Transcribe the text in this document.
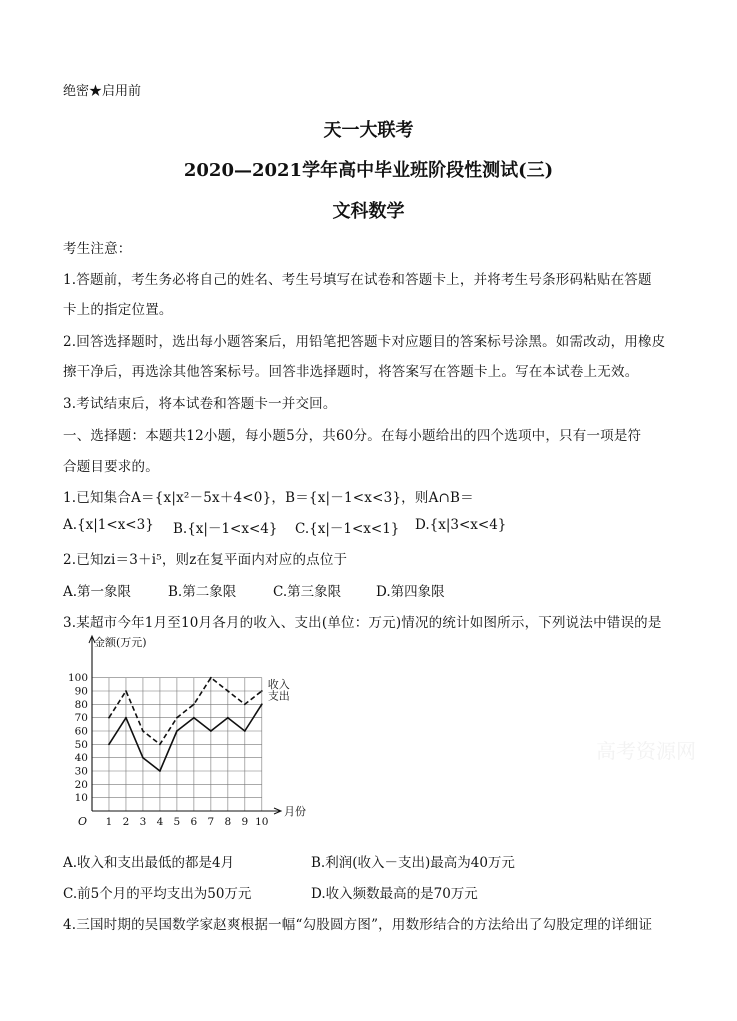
绝密★启用前
天一大联考
2020—2021学年高中毕业班阶段性测试(三)
文科数学
考生注意：
1.答题前，考生务必将自己的姓名、考生号填写在试卷和答题卡上，并将考生号条形码粘贴在答题
卡上的指定位置。
2.回答选择题时，选出每小题答案后，用铅笔把答题卡对应题目的答案标号涂黑。如需改动，用橡皮
擦干净后，再选涂其他答案标号。回答非选择题时，将答案写在答题卡上。写在本试卷上无效。
3.考试结束后，将本试卷和答题卡一并交回。
一、选择题：本题共12小题，每小题5分，共60分。在每小题给出的四个选项中，只有一项是符
合题目要求的。
1.已知集合A＝{x|x²－5x＋4<0}，B＝{x|－1<x<3}，则A∩B＝
A.{x|1<x<3} B.{x|－1<x<4} C.{x|－1<x<1} D.{x|3<x<4}
2.已知zi＝3＋i⁵，则z在复平面内对应的点位于
A.第一象限	B.第二象限	C.第三象限	D.第四象限
3.某超市今年1月至10月各月的收入、支出(单位：万元)情况的统计如图所示，下列说法中错误的是
10
20
30
40
50
60
70
80
90
100
1 2 3 4 5 6 7 8 9 10
金额(万元)
月份
O
收入
支出
A.收入和支出最低的都是4月	B.利润(收入－支出)最高为40万元
C.前5个月的平均支出为50万元	D.收入频数最高的是70万元
4.三国时期的吴国数学家赵爽根据一幅“勾股圆方图”，用数形结合的方法给出了勾股定理的详细证
高考资源网
